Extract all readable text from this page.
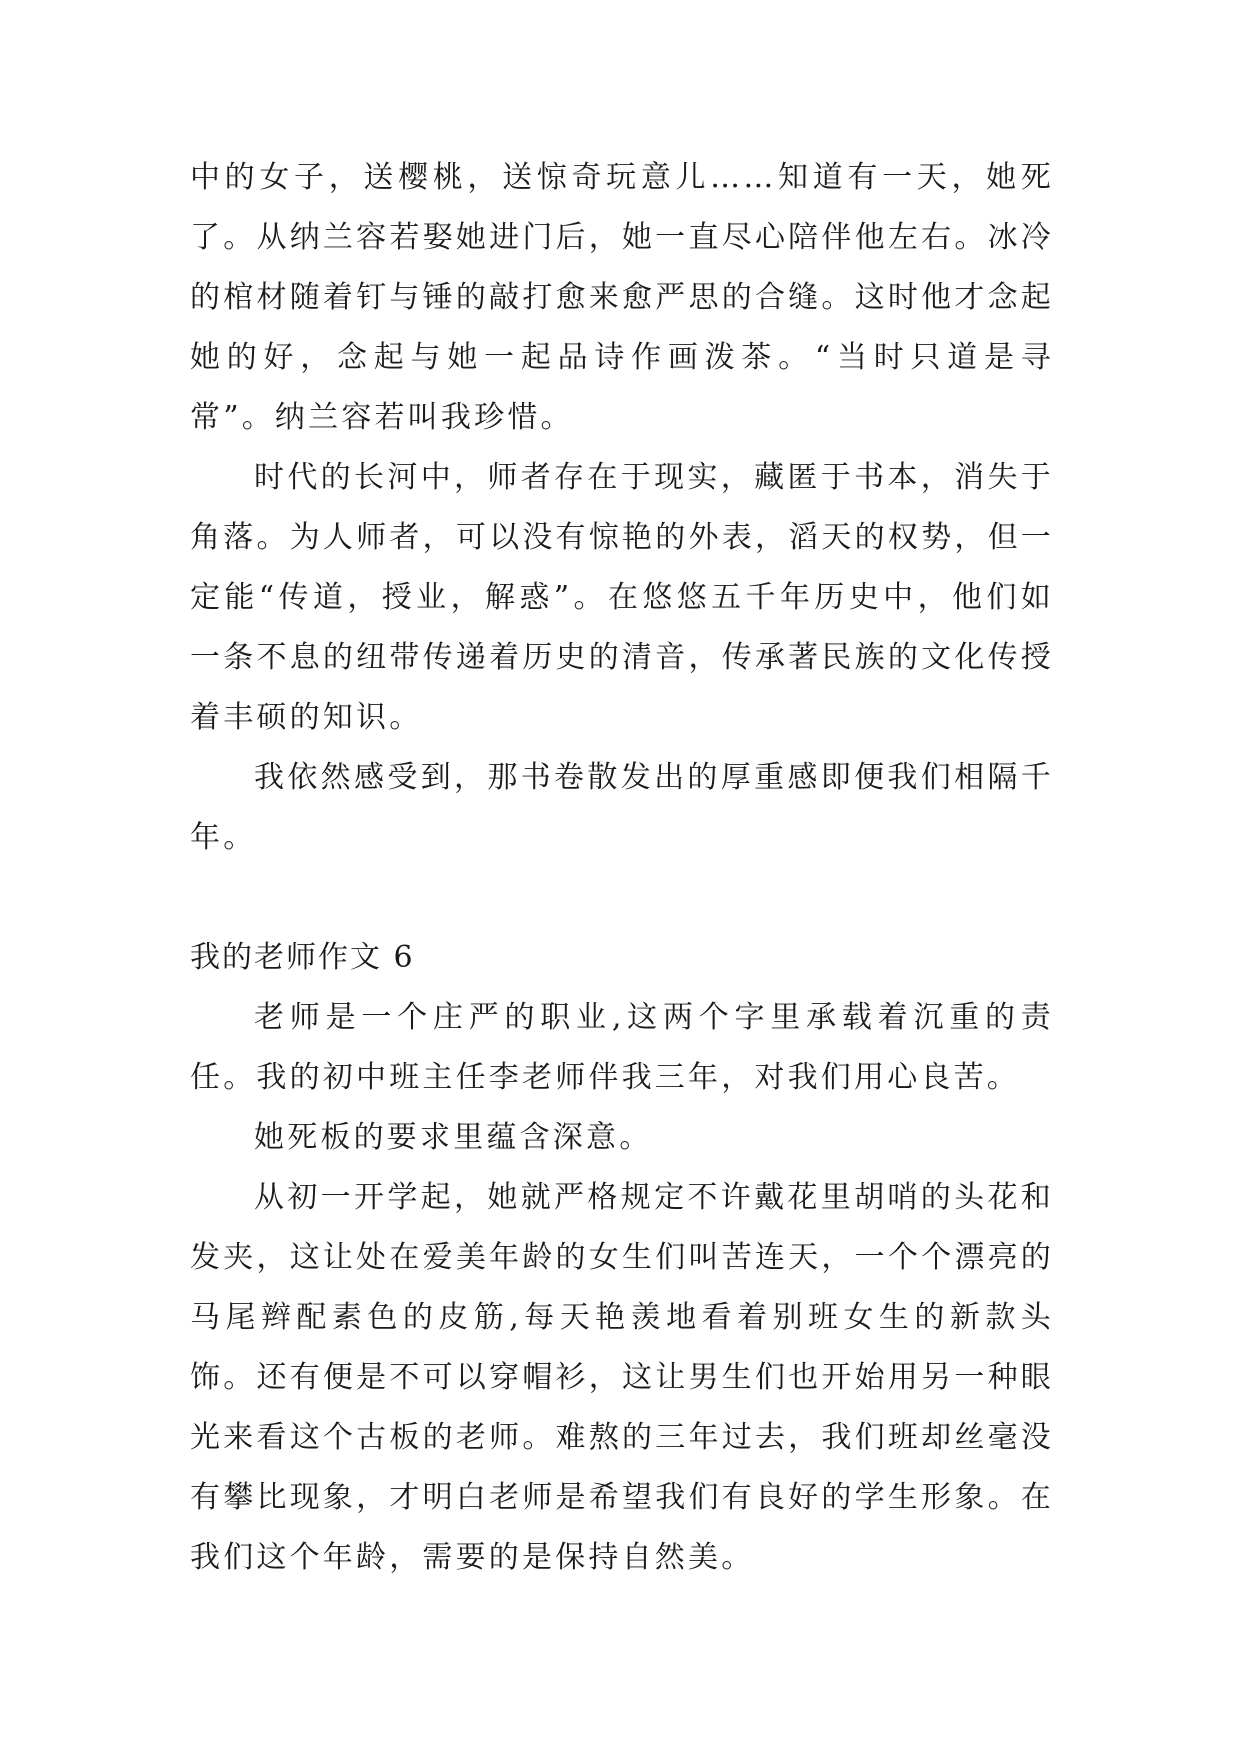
中的女子，送樱桃，送惊奇玩意儿……知道有一天，她死了。从纳兰容若娶她进门后，她一直尽心陪伴他左右。冰冷的棺材随着钉与锤的敲打愈来愈严思的合缝。这时他才念起她的好，念起与她一起品诗作画泼茶。“当时只道是寻常”。纳兰容若叫我珍惜。

时代的长河中，师者存在于现实，藏匿于书本，消失于角落。为人师者，可以没有惊艳的外表，滔天的权势，但一定能“传道，授业，解惑”。在悠悠五千年历史中，他们如一条不息的纽带传递着历史的清音，传承著民族的文化传授着丰硕的知识。

我依然感受到，那书卷散发出的厚重感即便我们相隔千年。

我的老师作文 6

老师是一个庄严的职业,这两个字里承载着沉重的责任。我的初中班主任李老师伴我三年，对我们用心良苦。

她死板的要求里蕴含深意。

从初一开学起，她就严格规定不许戴花里胡哨的头花和发夹，这让处在爱美年龄的女生们叫苦连天，一个个漂亮的马尾辫配素色的皮筋,每天艳羡地看着别班女生的新款头饰。还有便是不可以穿帽衫，这让男生们也开始用另一种眼光来看这个古板的老师。难熬的三年过去，我们班却丝毫没有攀比现象，才明白老师是希望我们有良好的学生形象。在我们这个年龄，需要的是保持自然美。
